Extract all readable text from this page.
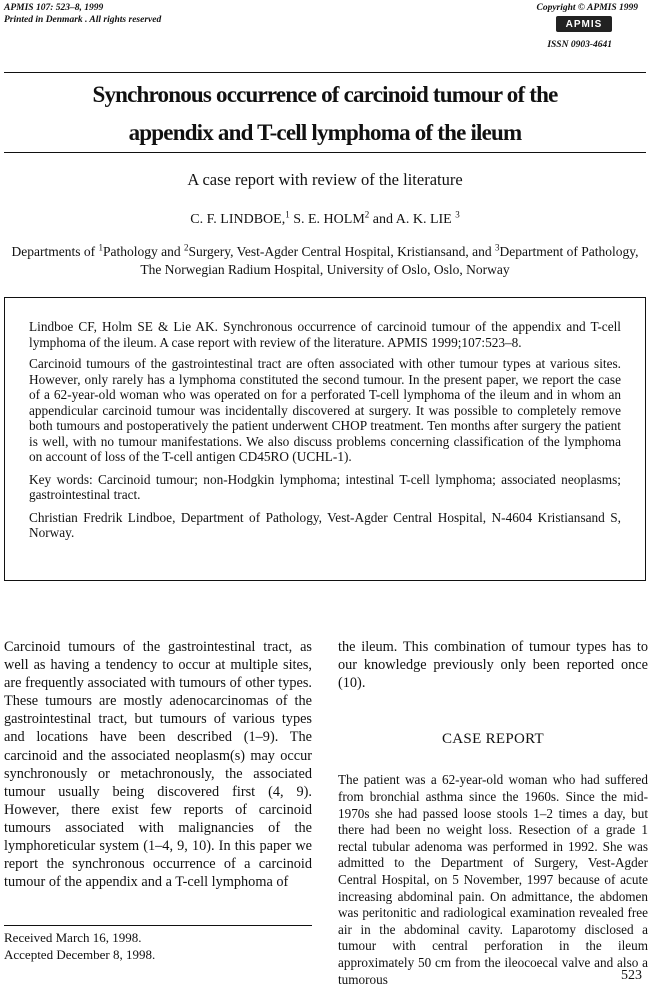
APMIS 107: 523–8, 1999
Printed in Denmark . All rights reserved
Copyright © APMIS 1999
APMIS
ISSN 0903-4641
Synchronous occurrence of carcinoid tumour of the
appendix and T-cell lymphoma of the ileum
A case report with review of the literature
C. F. LINDBOE,$^1$ S. E. HOLM$^2$ and A. K. LIE $^3$
Departments of $^1$Pathology and $^2$Surgery, Vest-Agder Central Hospital, Kristiansand, and $^3$Department of Pathology, The Norwegian Radium Hospital, University of Oslo, Oslo, Norway

Lindboe CF, Holm SE & Lie AK. Synchronous occurrence of carcinoid tumour of the appendix and T-cell lymphoma of the ileum. A case report with review of the literature. APMIS 1999;107:523–8.

Carcinoid tumours of the gastrointestinal tract are often associated with other tumour types at various sites. However, only rarely has a lymphoma constituted the second tumour. In the present paper, we report the case of a 62-year-old woman who was operated on for a perforated T-cell lymphoma of the ileum and in whom an appendicular carcinoid tumour was incidentally discovered at surgery. It was possible to completely remove both tumours and postoperatively the patient underwent CHOP treatment. Ten months after surgery the patient is well, with no tumour manifestations. We also discuss problems concerning classification of the lymphoma on account of loss of the T-cell antigen CD45RO (UCHL-1).

Key words: Carcinoid tumour; non-Hodgkin lymphoma; intestinal T-cell lymphoma; associated neoplasms; gastrointestinal tract.

Christian Fredrik Lindboe, Department of Pathology, Vest-Agder Central Hospital, N-4604 Kristiansand S, Norway.

Carcinoid tumours of the gastrointestinal tract, as well as having a tendency to occur at multiple sites, are frequently associated with tumours of other types. These tumours are mostly adenocarcinomas of the gastrointestinal tract, but tumours of various types and locations have been described (1–9). The carcinoid and the associated neoplasm(s) may occur synchronously or metachronously, the associated tumour usually being discovered first (4, 9). However, there exist few reports of carcinoid tumours associated with malignancies of the lymphoreticular system (1–4, 9, 10). In this paper we report the synchronous occurrence of a carcinoid tumour of the appendix and a T-cell lymphoma of
the ileum. This combination of tumour types has to our knowledge previously only been reported once (10).
CASE REPORT
The patient was a 62-year-old woman who had suffered from bronchial asthma since the 1960s. Since the mid-1970s she had passed loose stools 1–2 times a day, but there had been no weight loss. Resection of a grade 1 rectal tubular adenoma was performed in 1992. She was admitted to the Department of Surgery, Vest-Agder Central Hospital, on 5 November, 1997 because of acute increasing abdominal pain. On admittance, the abdomen was peritonitic and radiological examination revealed free air in the abdominal cavity. Laparotomy disclosed a tumour with central perforation in the ileum approximately 50 cm from the ileocoecal valve and also a tumorous
Received March 16, 1998.
Accepted December 8, 1998.
523
